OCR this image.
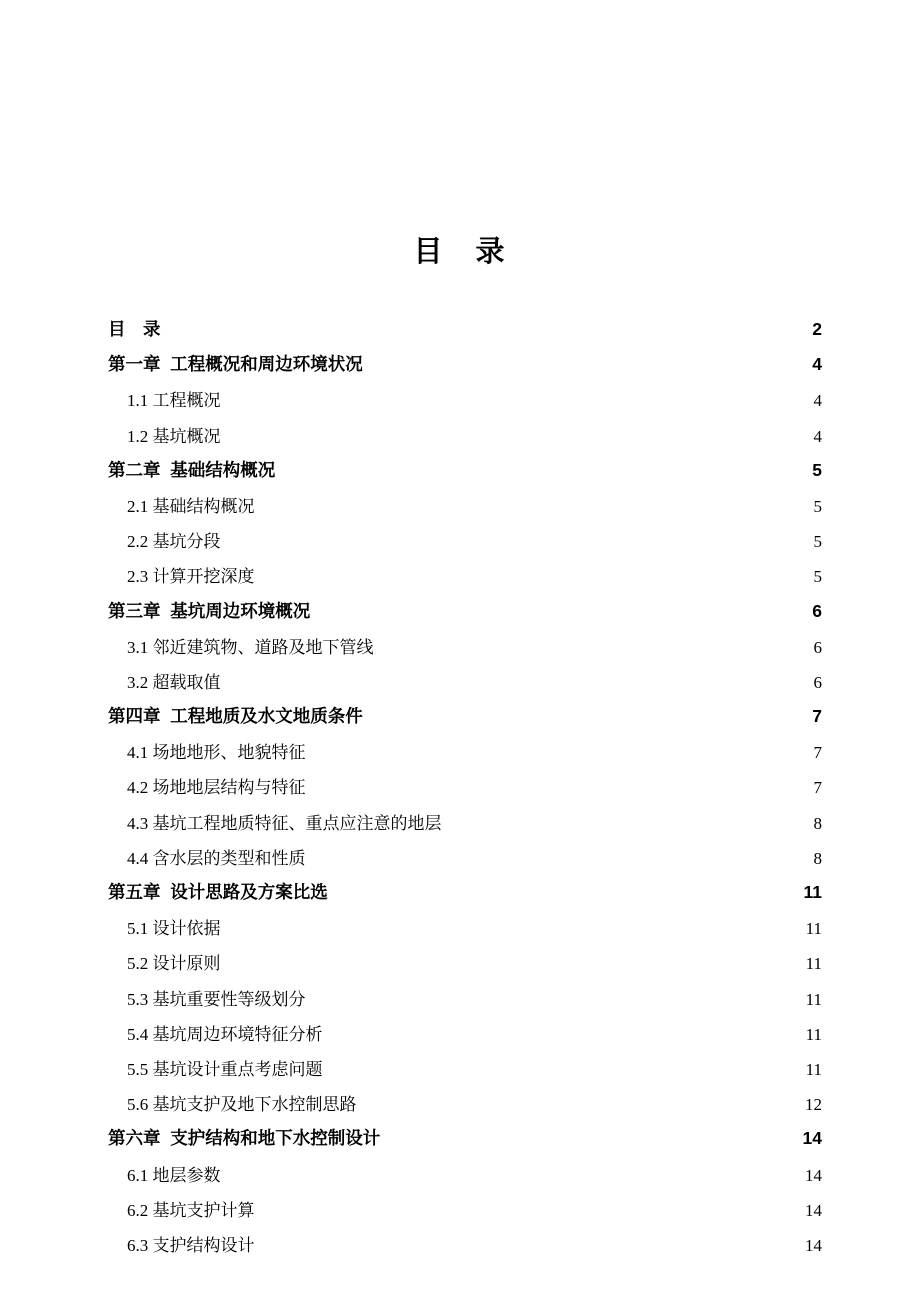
目　录
目　录	2
第一章  工程概况和周边环境状况	4
1.1 工程概况	4
1.2 基坑概况	4
第二章  基础结构概况	5
2.1 基础结构概况	5
2.2 基坑分段	5
2.3 计算开挖深度	5
第三章  基坑周边环境概况	6
3.1 邻近建筑物、道路及地下管线	6
3.2 超载取值	6
第四章  工程地质及水文地质条件	7
4.1 场地地形、地貌特征	7
4.2 场地地层结构与特征	7
4.3 基坑工程地质特征、重点应注意的地层	8
4.4 含水层的类型和性质	8
第五章  设计思路及方案比选	11
5.1 设计依据	11
5.2 设计原则	11
5.3 基坑重要性等级划分	11
5.4 基坑周边环境特征分析	11
5.5 基坑设计重点考虑问题	11
5.6 基坑支护及地下水控制思路	12
第六章  支护结构和地下水控制设计	14
6.1 地层参数	14
6.2 基坑支护计算	14
6.3 支护结构设计	14
